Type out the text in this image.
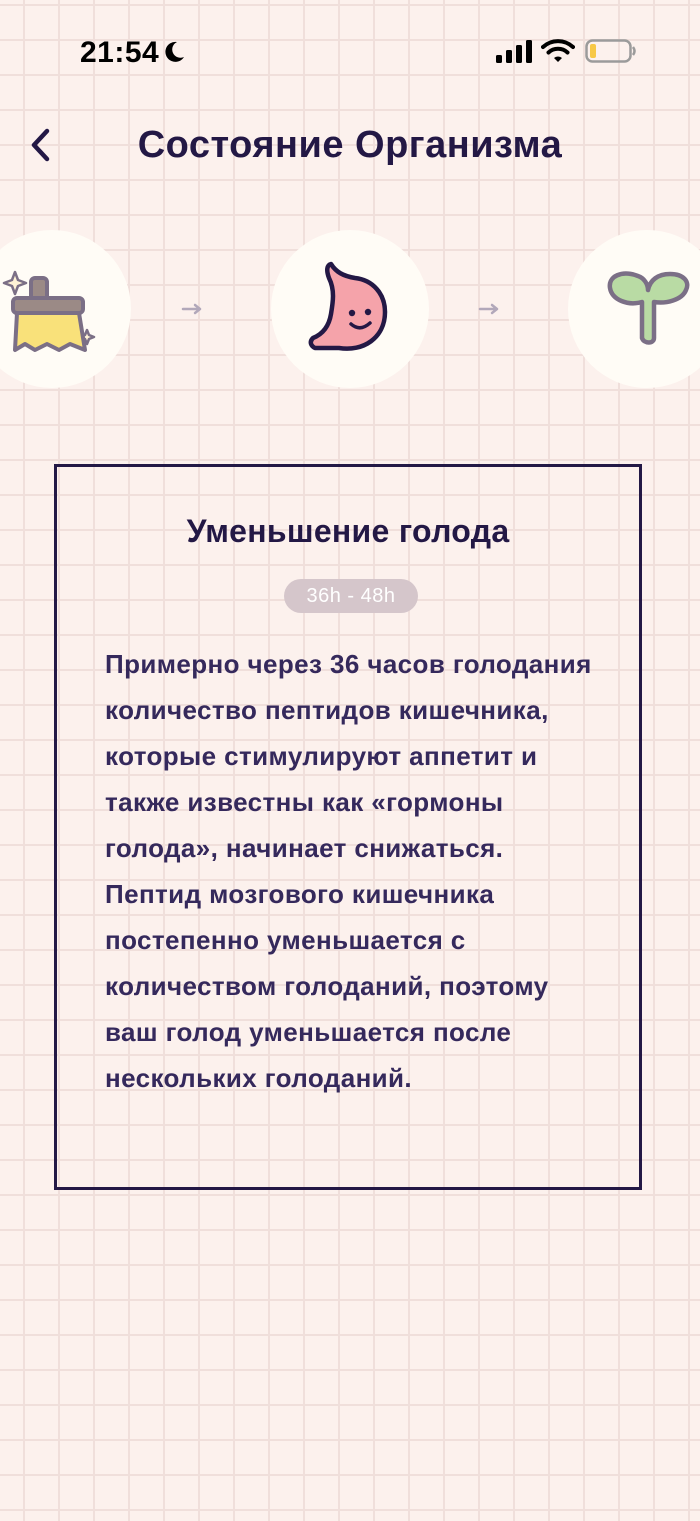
21:54
Состояние Организма
Уменьшение голода
36h - 48h

Примерно через 36 часов голодания количество пептидов кишечника, которые стимулируют аппетит и также известны как «гормоны голода», начинает снижаться. Пептид мозгового кишечника постепенно уменьшается с количеством голоданий, поэтому ваш голод уменьшается после нескольких голоданий.
